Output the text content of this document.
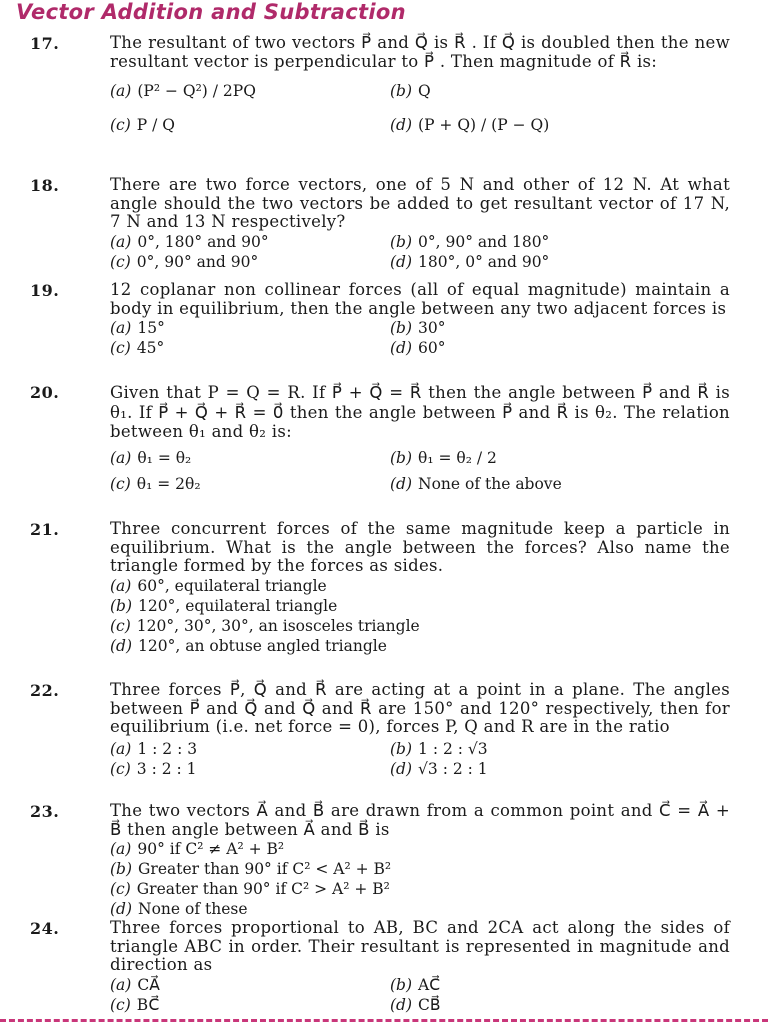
Vector Addition and Subtraction
17.	The resultant of two vectors P⃗ and Q⃗ is R⃗ . If Q⃗ is doubled then the new resultant vector is perpendicular to P⃗ . Then magnitude of R⃗ is:
(a) (P² − Q²) / 2PQ	(b) Q
(c) P / Q	(d) (P + Q) / (P − Q)
18.	There are two force vectors, one of 5 N and other of 12 N. At what angle should the two vectors be added to get resultant vector of 17 N, 7 N and 13 N respectively?
(a) 0°, 180° and 90°	(b) 0°, 90° and 180°
(c) 0°, 90° and 90°	(d) 180°, 0° and 90°
19.	12 coplanar non collinear forces (all of equal magnitude) maintain a body in equilibrium, then the angle between any two adjacent forces is
(a) 15°	(b) 30°
(c) 45°	(d) 60°
20.	Given that P = Q = R. If P⃗ + Q⃗ = R⃗ then the angle between P⃗ and R⃗ is θ₁. If P⃗ + Q⃗ + R⃗ = 0⃗ then the angle between P⃗ and R⃗ is θ₂. The relation between θ₁ and θ₂ is:
(a) θ₁ = θ₂	(b) θ₁ = θ₂ / 2
(c) θ₁ = 2θ₂	(d) None of the above
21.	Three concurrent forces of the same magnitude keep a particle in equilibrium. What is the angle between the forces? Also name the triangle formed by the forces as sides.
(a) 60°, equilateral triangle
(b) 120°, equilateral triangle
(c) 120°, 30°, 30°, an isosceles triangle
(d) 120°, an obtuse angled triangle
22.	Three forces P⃗, Q⃗ and R⃗ are acting at a point in a plane. The angles between P⃗ and Q⃗ and Q⃗ and R⃗ are 150° and 120° respectively, then for equilibrium (i.e. net force = 0), forces P, Q and R are in the ratio
(a) 1 : 2 : 3	(b) 1 : 2 : √3
(c) 3 : 2 : 1	(d) √3 : 2 : 1
23.	The two vectors A⃗ and B⃗ are drawn from a common point and C⃗ = A⃗ + B⃗ then angle between A⃗ and B⃗ is
(a) 90° if C² ≠ A² + B²
(b) Greater than 90° if C² < A² + B²
(c) Greater than 90° if C² > A² + B²
(d) None of these
24.	Three forces proportional to AB, BC and 2CA act along the sides of triangle ABC in order. Their resultant is represented in magnitude and direction as
(a) CA⃗	(b) AC⃗
(c) BC⃗	(d) CB⃗
